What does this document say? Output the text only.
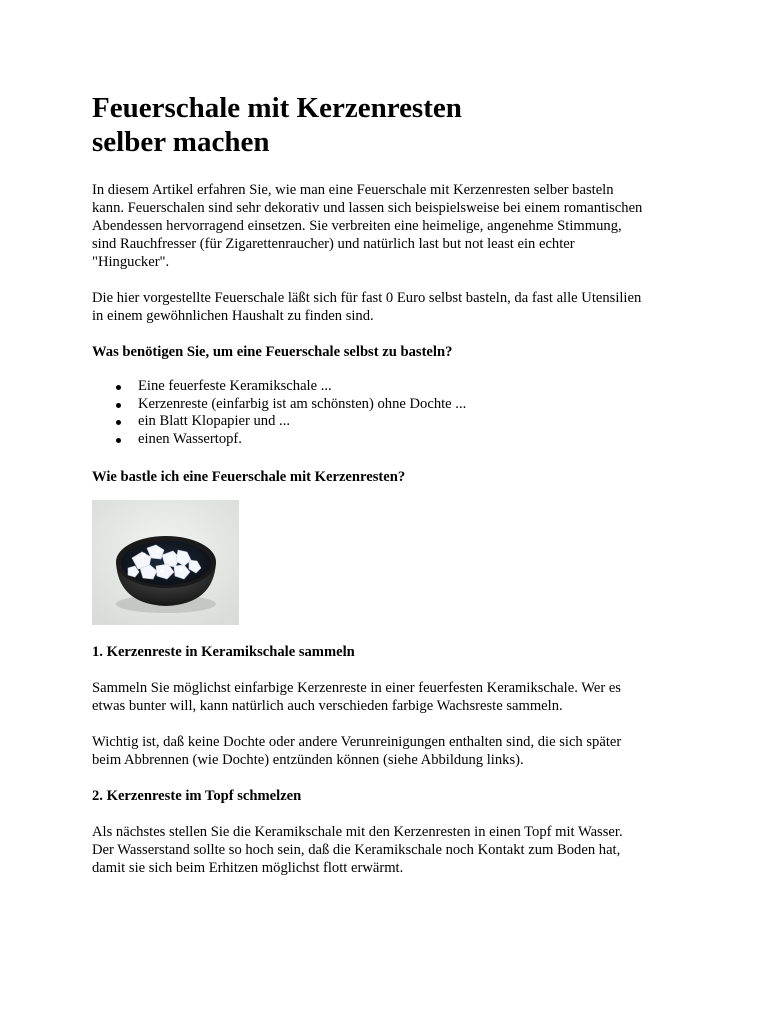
Feuerschale mit Kerzenresten
selber machen

In diesem Artikel erfahren Sie, wie man eine Feuerschale mit Kerzenresten selber basteln
kann. Feuerschalen sind sehr dekorativ und lassen sich beispielsweise bei einem romantischen
Abendessen hervorragend einsetzen. Sie verbreiten eine heimelige, angenehme Stimmung,
sind Rauchfresser (für Zigarettenraucher) und natürlich last but not least ein echter
"Hingucker".

Die hier vorgestellte Feuerschale läßt sich für fast 0 Euro selbst basteln, da fast alle Utensilien
in einem gewöhnlichen Haushalt zu finden sind.

Was benötigen Sie, um eine Feuerschale selbst zu basteln?
Eine feuerfeste Keramikschale ...
Kerzenreste (einfarbig ist am schönsten) ohne Dochte ...
ein Blatt Klopapier und ...
einen Wassertopf.
Wie bastle ich eine Feuerschale mit Kerzenresten?
1. Kerzenreste in Keramikschale sammeln

Sammeln Sie möglichst einfarbige Kerzenreste in einer feuerfesten Keramikschale. Wer es
etwas bunter will, kann natürlich auch verschieden farbige Wachsreste sammeln.

Wichtig ist, daß keine Dochte oder andere Verunreinigungen enthalten sind, die sich später
beim Abbrennen (wie Dochte) entzünden können (siehe Abbildung links).

2. Kerzenreste im Topf schmelzen

Als nächstes stellen Sie die Keramikschale mit den Kerzenresten in einen Topf mit Wasser.
Der Wasserstand sollte so hoch sein, daß die Keramikschale noch Kontakt zum Boden hat,
damit sie sich beim Erhitzen möglichst flott erwärmt.
